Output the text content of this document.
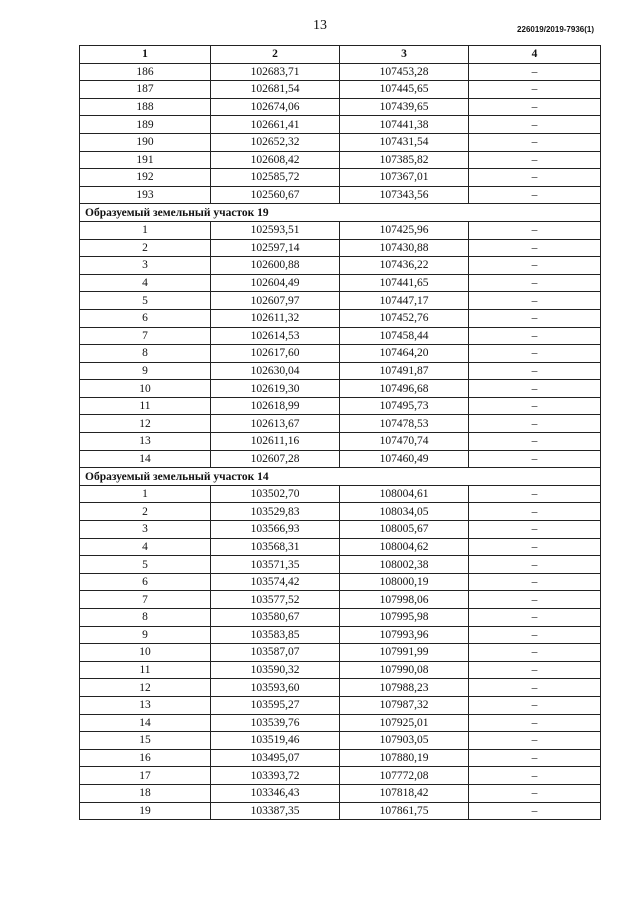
13	226019/2019-7936(1)
1	2	3	4
186	102683,71	107453,28	–
187	102681,54	107445,65	–
188	102674,06	107439,65	–
189	102661,41	107441,38	–
190	102652,32	107431,54	–
191	102608,42	107385,82	–
192	102585,72	107367,01	–
193	102560,67	107343,56	–
Образуемый земельный участок 19			
1	102593,51	107425,96	–
2	102597,14	107430,88	–
3	102600,88	107436,22	–
4	102604,49	107441,65	–
5	102607,97	107447,17	–
6	102611,32	107452,76	–
7	102614,53	107458,44	–
8	102617,60	107464,20	–
9	102630,04	107491,87	–
10	102619,30	107496,68	–
11	102618,99	107495,73	–
12	102613,67	107478,53	–
13	102611,16	107470,74	–
14	102607,28	107460,49	–
Образуемый земельный участок 14			
1	103502,70	108004,61	–
2	103529,83	108034,05	–
3	103566,93	108005,67	–
4	103568,31	108004,62	–
5	103571,35	108002,38	–
6	103574,42	108000,19	–
7	103577,52	107998,06	–
8	103580,67	107995,98	–
9	103583,85	107993,96	–
10	103587,07	107991,99	–
11	103590,32	107990,08	–
12	103593,60	107988,23	–
13	103595,27	107987,32	–
14	103539,76	107925,01	–
15	103519,46	107903,05	–
16	103495,07	107880,19	–
17	103393,72	107772,08	–
18	103346,43	107818,42	–
19	103387,35	107861,75	–
